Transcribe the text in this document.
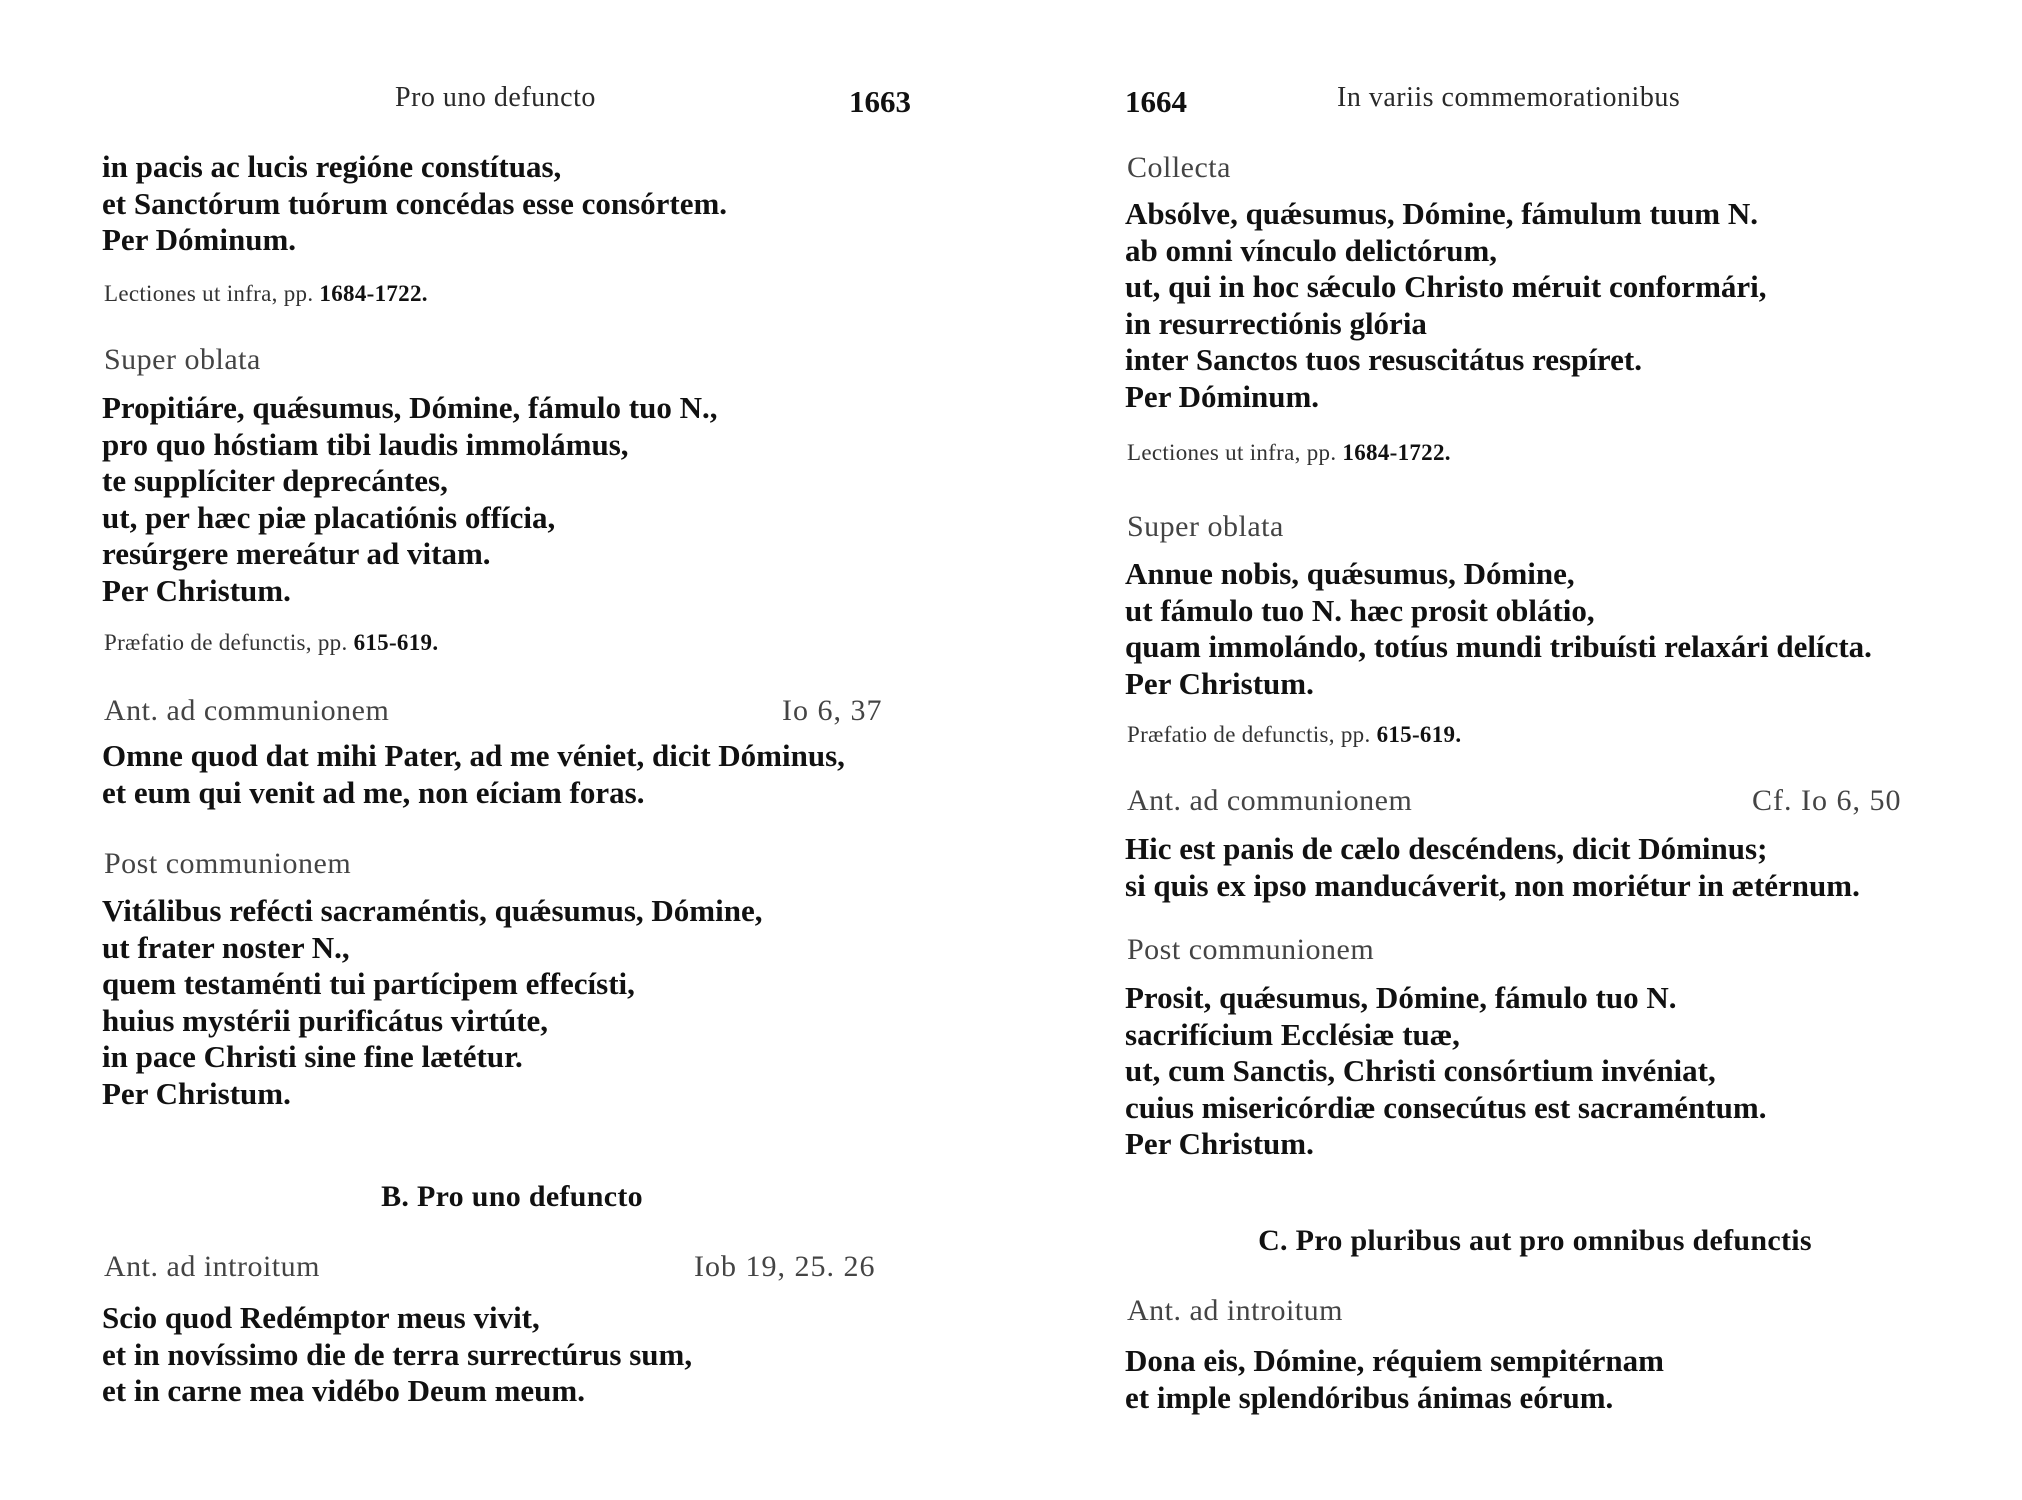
Pro uno defuncto	1663
in pacis ac lucis regióne constítuas,
et Sanctórum tuórum concédas esse consórtem.
Per Dóminum.
Lectiones ut infra, pp. 1684-1722.
Super oblata
Propitiáre, quǽsumus, Dómine, fámulo tuo N.,
pro quo hóstiam tibi laudis immolámus,
te supplíciter deprecántes,
ut, per hæc piæ placatiónis offícia,
resúrgere mereátur ad vitam.
Per Christum.
Præfatio de defunctis, pp. 615-619.
Ant. ad communionem	Io 6, 37
Omne quod dat mihi Pater, ad me véniet, dicit Dóminus,
et eum qui venit ad me, non eíciam foras.
Post communionem
Vitálibus refécti sacraméntis, quǽsumus, Dómine,
ut frater noster N.,
quem testaménti tui partícipem effecísti,
huius mystérii purificátus virtúte,
in pace Christi sine fine lætétur.
Per Christum.
B. Pro uno defuncto
Ant. ad introitum	Iob 19, 25. 26
Scio quod Redémptor meus vivit,
et in novíssimo die de terra surrectúrus sum,
et in carne mea vidébo Deum meum.
1664	In variis commemorationibus
Collecta
Absólve, quǽsumus, Dómine, fámulum tuum N.
ab omni vínculo delictórum,
ut, qui in hoc sǽculo Christo méruit conformári,
in resurrectiónis glória
inter Sanctos tuos resuscitátus respíret.
Per Dóminum.
Lectiones ut infra, pp. 1684-1722.
Super oblata
Annue nobis, quǽsumus, Dómine,
ut fámulo tuo N. hæc prosit oblátio,
quam immolándo, totíus mundi tribuísti relaxári delícta.
Per Christum.
Præfatio de defunctis, pp. 615-619.
Ant. ad communionem	Cf. Io 6, 50
Hic est panis de cælo descéndens, dicit Dóminus;
si quis ex ipso manducáverit, non moriétur in ætérnum.
Post communionem
Prosit, quǽsumus, Dómine, fámulo tuo N.
sacrifícium Ecclésiæ tuæ,
ut, cum Sanctis, Christi consórtium invéniat,
cuius misericórdiæ consecútus est sacraméntum.
Per Christum.
C. Pro pluribus aut pro omnibus defunctis
Ant. ad introitum
Dona eis, Dómine, réquiem sempitérnam
et imple splendóribus ánimas eórum.
